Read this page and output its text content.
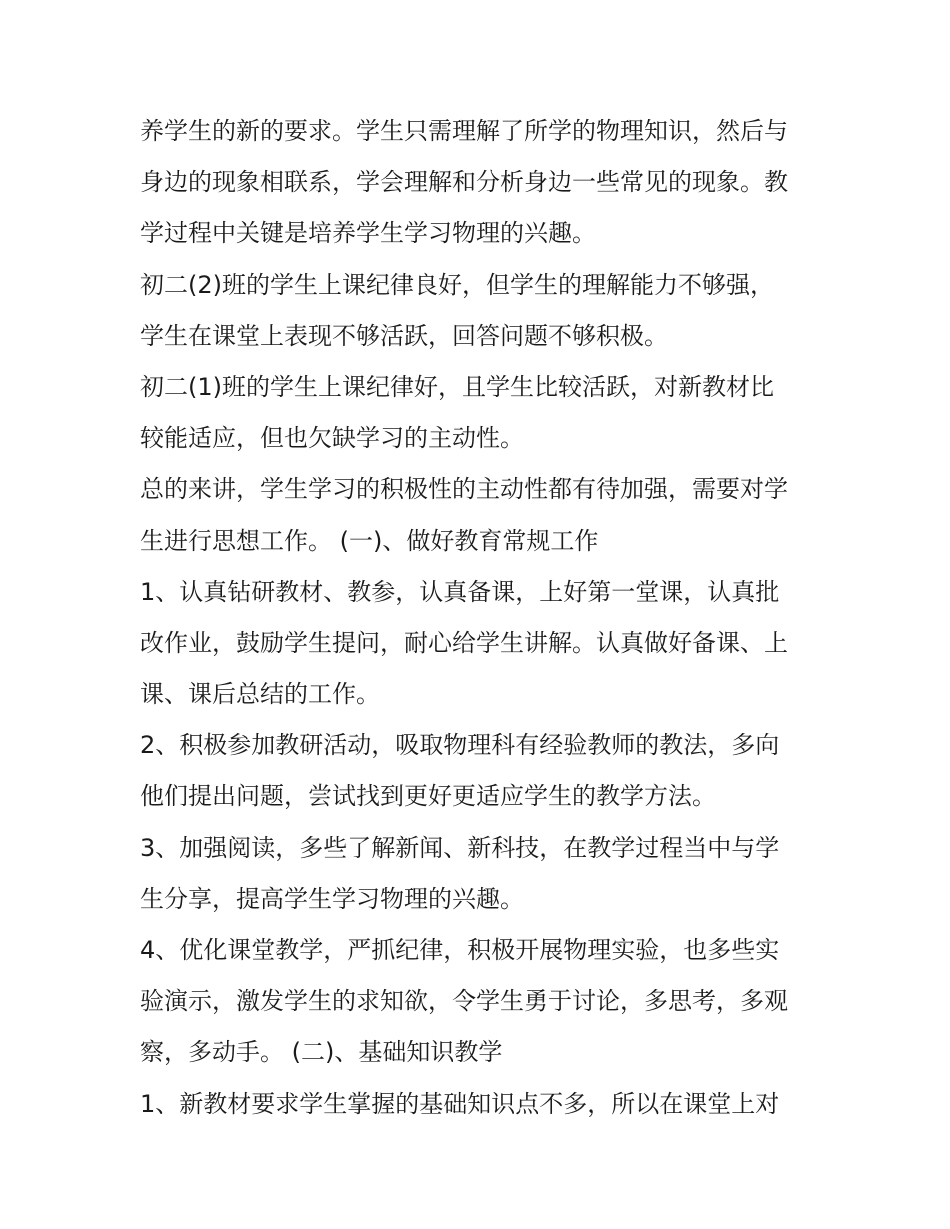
养学生的新的要求。学生只需理解了所学的物理知识，然后与
身边的现象相联系，学会理解和分析身边一些常见的现象。教
学过程中关键是培养学生学习物理的兴趣。
初二(2)班的学生上课纪律良好，但学生的理解能力不够强，
学生在课堂上表现不够活跃，回答问题不够积极。
初二(1)班的学生上课纪律好，且学生比较活跃，对新教材比
较能适应，但也欠缺学习的主动性。
总的来讲，学生学习的积极性的主动性都有待加强，需要对学
生进行思想工作。 (一)、做好教育常规工作
1、认真钻研教材、教参，认真备课，上好第一堂课，认真批
改作业，鼓励学生提问，耐心给学生讲解。认真做好备课、上
课、课后总结的工作。
2、积极参加教研活动，吸取物理科有经验教师的教法，多向
他们提出问题，尝试找到更好更适应学生的教学方法。
3、加强阅读，多些了解新闻、新科技，在教学过程当中与学
生分享，提高学生学习物理的兴趣。
4、优化课堂教学，严抓纪律，积极开展物理实验，也多些实
验演示，激发学生的求知欲，令学生勇于讨论，多思考，多观
察，多动手。 (二)、基础知识教学
1、新教材要求学生掌握的基础知识点不多，所以在课堂上对
